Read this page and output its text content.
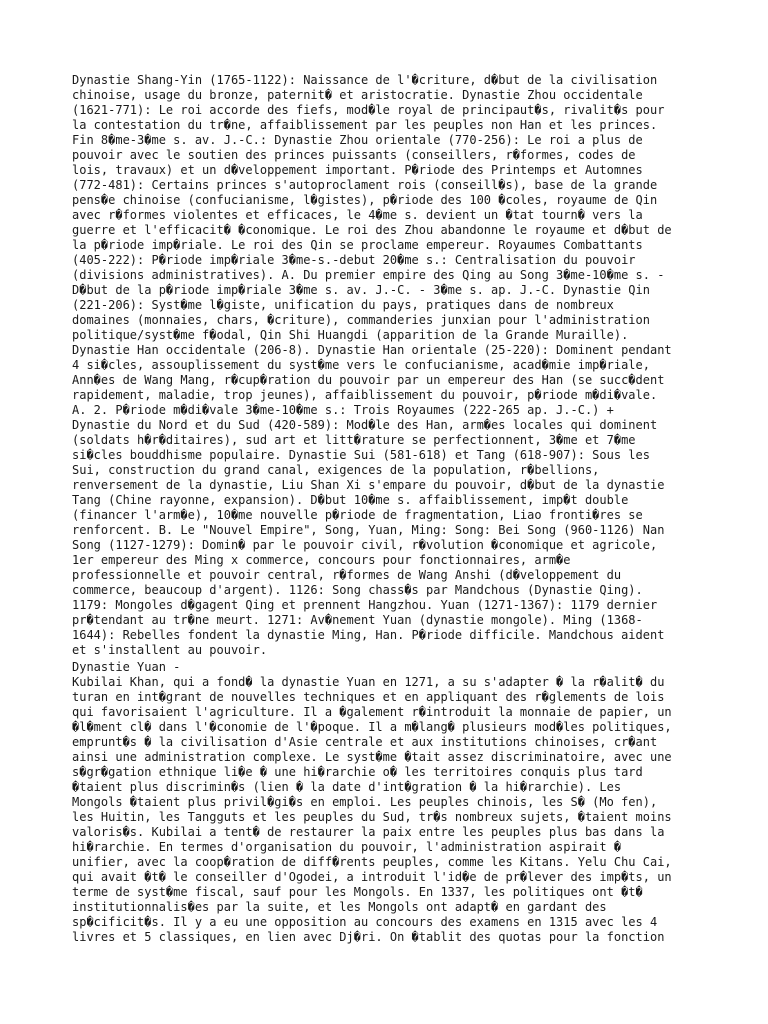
Dynastie Shang-Yin (1765-1122): Naissance de l'�criture, d�but de la civilisation
chinoise, usage du bronze, paternit� et aristocratie. Dynastie Zhou occidentale
(1621-771): Le roi accorde des fiefs, mod�le royal de principaut�s, rivalit�s pour
la contestation du tr�ne, affaiblissement par les peuples non Han et les princes.
Fin 8�me-3�me s. av. J.-C.: Dynastie Zhou orientale (770-256): Le roi a plus de
pouvoir avec le soutien des princes puissants (conseillers, r�formes, codes de
lois, travaux) et un d�veloppement important. P�riode des Printemps et Automnes
(772-481): Certains princes s'autoproclament rois (conseill�s), base de la grande
pens�e chinoise (confucianisme, l�gistes), p�riode des 100 �coles, royaume de Qin
avec r�formes violentes et efficaces, le 4�me s. devient un �tat tourn� vers la
guerre et l'efficacit� �conomique. Le roi des Zhou abandonne le royaume et d�but de
la p�riode imp�riale. Le roi des Qin se proclame empereur. Royaumes Combattants
(405-222): P�riode imp�riale 3�me-s.-debut 20�me s.: Centralisation du pouvoir
(divisions administratives). A. Du premier empire des Qing au Song 3�me-10�me s. -
D�but de la p�riode imp�riale 3�me s. av. J.-C. - 3�me s. ap. J.-C. Dynastie Qin
(221-206): Syst�me l�giste, unification du pays, pratiques dans de nombreux
domaines (monnaies, chars, �criture), commanderies junxian pour l'administration
politique/syst�me f�odal, Qin Shi Huangdi (apparition de la Grande Muraille).
Dynastie Han occidentale (206-8). Dynastie Han orientale (25-220): Dominent pendant
4 si�cles, assouplissement du syst�me vers le confucianisme, acad�mie imp�riale,
Ann�es de Wang Mang, r�cup�ration du pouvoir par un empereur des Han (se succ�dent
rapidement, maladie, trop jeunes), affaiblissement du pouvoir, p�riode m�di�vale.
A. 2. P�riode m�di�vale 3�me-10�me s.: Trois Royaumes (222-265 ap. J.-C.) +
Dynastie du Nord et du Sud (420-589): Mod�le des Han, arm�es locales qui dominent
(soldats h�r�ditaires), sud art et litt�rature se perfectionnent, 3�me et 7�me
si�cles bouddhisme populaire. Dynastie Sui (581-618) et Tang (618-907): Sous les
Sui, construction du grand canal, exigences de la population, r�bellions,
renversement de la dynastie, Liu Shan Xi s'empare du pouvoir, d�but de la dynastie
Tang (Chine rayonne, expansion). D�but 10�me s. affaiblissement, imp�t double
(financer l'arm�e), 10�me nouvelle p�riode de fragmentation, Liao fronti�res se
renforcent. B. Le "Nouvel Empire", Song, Yuan, Ming: Song: Bei Song (960-1126) Nan
Song (1127-1279): Domin� par le pouvoir civil, r�volution �conomique et agricole,
1er empereur des Ming x commerce, concours pour fonctionnaires, arm�e
professionnelle et pouvoir central, r�formes de Wang Anshi (d�veloppement du
commerce, beaucoup d'argent). 1126: Song chass�s par Mandchous (Dynastie Qing).
1179: Mongoles d�gagent Qing et prennent Hangzhou. Yuan (1271-1367): 1179 dernier
pr�tendant au tr�ne meurt. 1271: Av�nement Yuan (dynastie mongole). Ming (1368-
1644): Rebelles fondent la dynastie Ming, Han. P�riode difficile. Mandchous aident
et s'installent au pouvoir.
Dynastie Yuan -
Kubilai Khan, qui a fond� la dynastie Yuan en 1271, a su s'adapter � la r�alit� du
turan en int�grant de nouvelles techniques et en appliquant des r�glements de lois
qui favorisaient l'agriculture. Il a �galement r�introduit la monnaie de papier, un
�l�ment cl� dans l'�conomie de l'�poque. Il a m�lang� plusieurs mod�les politiques,
emprunt�s � la civilisation d'Asie centrale et aux institutions chinoises, cr�ant
ainsi une administration complexe. Le syst�me �tait assez discriminatoire, avec une
s�gr�gation ethnique li�e � une hi�rarchie o� les territoires conquis plus tard
�taient plus discrimin�s (lien � la date d'int�gration � la hi�rarchie). Les
Mongols �taient plus privil�gi�s en emploi. Les peuples chinois, les S� (Mo fen),
les Huitin, les Tangguts et les peuples du Sud, tr�s nombreux sujets, �taient moins
valoris�s. Kubilai a tent� de restaurer la paix entre les peuples plus bas dans la
hi�rarchie. En termes d'organisation du pouvoir, l'administration aspirait �
unifier, avec la coop�ration de diff�rents peuples, comme les Kitans. Yelu Chu Cai,
qui avait �t� le conseiller d'Ogodei, a introduit l'id�e de pr�lever des imp�ts, un
terme de syst�me fiscal, sauf pour les Mongols. En 1337, les politiques ont �t�
institutionnalis�es par la suite, et les Mongols ont adapt� en gardant des
sp�cificit�s. Il y a eu une opposition au concours des examens en 1315 avec les 4
livres et 5 classiques, en lien avec Dj�ri. On �tablit des quotas pour la fonction
